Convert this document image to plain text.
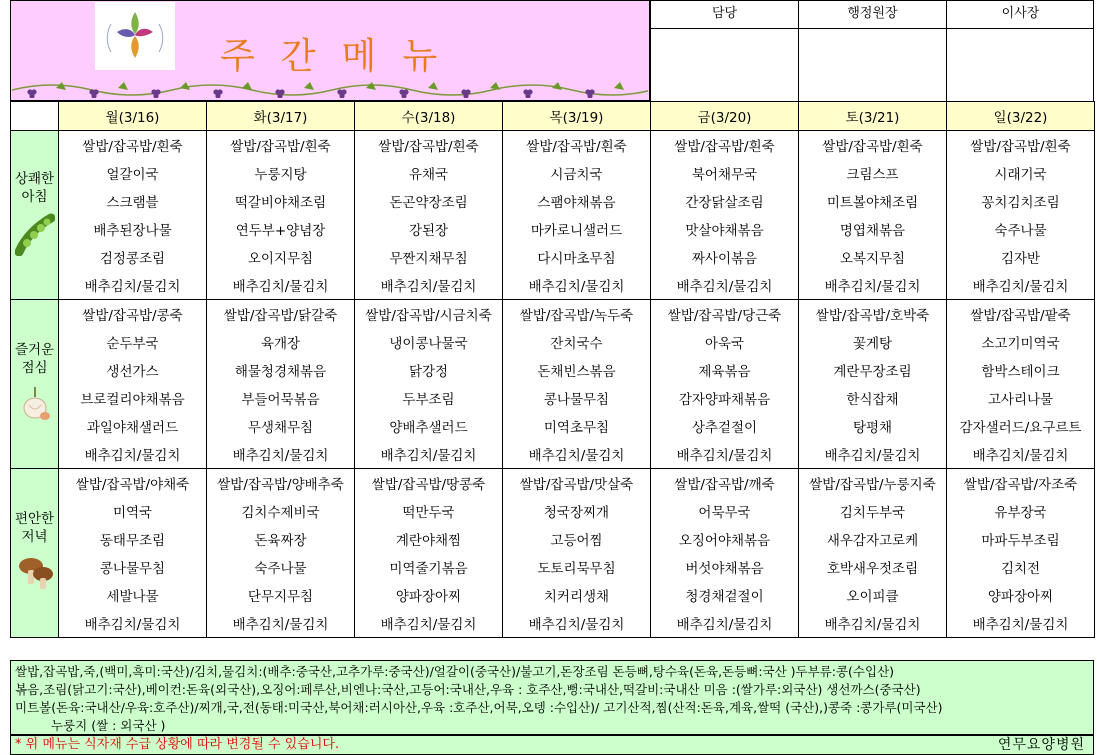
주간메뉴
담당	행정원장	이사장
	월(3/16)	화(3/17)	수(3/18)	목(3/19)	금(3/20)	토(3/21)	일(3/22)

상쾌한
아침	쌀밥/잡곡밥/흰죽	쌀밥/잡곡밥/흰죽	쌀밥/잡곡밥/흰죽	쌀밥/잡곡밥/흰죽	쌀밥/잡곡밥/흰죽	쌀밥/잡곡밥/흰죽	쌀밥/잡곡밥/흰죽
	얼갈이국	누룽지탕	유채국	시금치국	북어채무국	크림스프	시래기국
	스크램블	떡갈비야채조림	돈곤약장조림	스팸야채볶음	간장닭살조림	미트볼야채조림	꽁치김치조림
	배추된장나물	연두부+양념장	강된장	마카로니샐러드	맛살야채볶음	명엽채볶음	숙주나물
	검정콩조림	오이지무침	무짠지채무침	다시마초무침	짜사이볶음	오복지무침	김자반
	배추김치/물김치	배추김치/물김치	배추김치/물김치	배추김치/물김치	배추김치/물김치	배추김치/물김치	배추김치/물김치

즐거운
점심	쌀밥/잡곡밥/콩죽	쌀밥/잡곡밥/닭갈죽	쌀밥/잡곡밥/시금치죽	쌀밥/잡곡밥/녹두죽	쌀밥/잡곡밥/당근죽	쌀밥/잡곡밥/호박죽	쌀밥/잡곡밥/팥죽
	순두부국	육개장	냉이콩나물국	잔치국수	아욱국	꽃게탕	소고기미역국
	생선가스	해물청경채볶음	닭강정	돈채빈스볶음	제육볶음	계란무장조림	함박스테이크
	브로컬리야채볶음	부들어묵볶음	두부조림	콩나물무침	감자양파채볶음	한식잡채	고사리나물
	과일야채샐러드	무생채무침	양배추샐러드	미역초무침	상추겉절이	탕평채	감자샐러드/요구르트
	배추김치/물김치	배추김치/물김치	배추김치/물김치	배추김치/물김치	배추김치/물김치	배추김치/물김치	배추김치/물김치

편안한
저녁	쌀밥/잡곡밥/야채죽	쌀밥/잡곡밥/양배추죽	쌀밥/잡곡밥/땅콩죽	쌀밥/잡곡밥/맛살죽	쌀밥/잡곡밥/깨죽	쌀밥/잡곡밥/누룽지죽	쌀밥/잡곡밥/자조죽
	미역국	김치수제비국	떡만두국	청국장찌개	어묵무국	김치두부국	유부장국
	동태무조림	돈육짜장	계란야채찜	고등어찜	오징어야채볶음	새우감자고로케	마파두부조림
	콩나물무침	숙주나물	미역줄기볶음	도토리묵무침	버섯야채볶음	호박새우젓조림	김치전
	세발나물	단무지무침	양파장아찌	치커리생채	청경채겉절이	오이피클	양파장아찌
	배추김치/물김치	배추김치/물김치	배추김치/물김치	배추김치/물김치	배추김치/물김치	배추김치/물김치	배추김치/물김치
쌀밥,잡곡밥,죽,(백미,흑미:국산)/김치,물김치:(배추:중국산,고추가루:중국산)/얼갈이(중국산)/불고기,돈장조림 돈등뼈,탕수육(돈육,돈등뼈:국산 )두부류:콩(수입산)
볶음,조림(닭고기:국산),베이컨:돈육(외국산),오징어:페루산,비엔나:국산,고등어:국내산,우육 : 호주산,뻥:국내산,떡갈비:국내산 미음 :(쌀가루:외국산) 생선까스(중국산)
미트볼(돈육:국내산/우육:호주산)/찌개,국,전(동태:미국산,북어채:러시아산,우육 :호주산,어묵,오뎅 :수입산)/ 고기산적,찜(산적:돈육,계육,쌀떡 (국산),)콩죽 :콩가루(미국산)
누룽지 (쌀 : 외국산 )
* 위 메뉴는 식자재 수급 상황에 따라 변경될 수 있습니다.	연무요양병원
